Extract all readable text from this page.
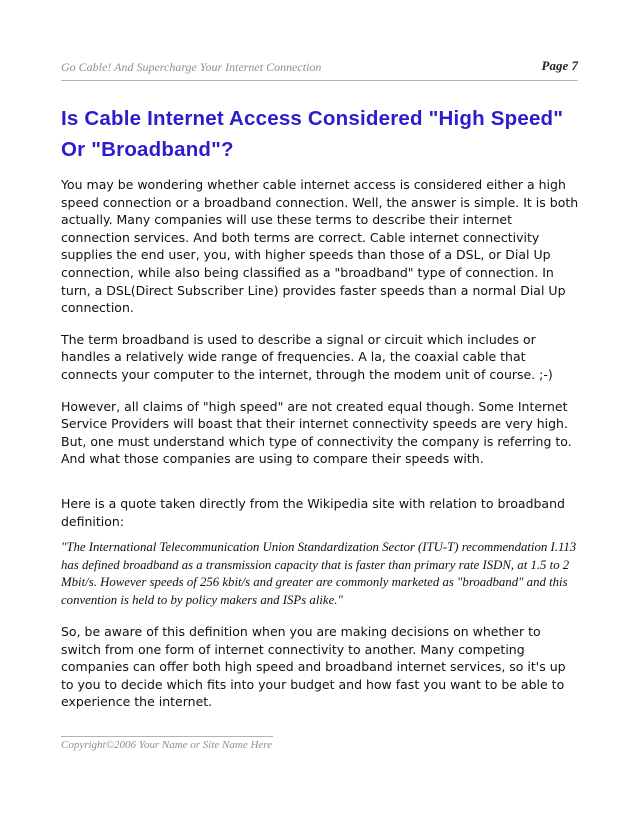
Go Cable! And Supercharge Your Internet Connection	Page 7
Is Cable Internet Access Considered "High Speed" Or "Broadband"?

You may be wondering whether cable internet access is considered either a high speed connection or a broadband connection. Well, the answer is simple. It is both actually. Many companies will use these terms to describe their internet connection services. And both terms are correct. Cable internet connectivity supplies the end user, you, with higher speeds than those of a DSL, or Dial Up connection, while also being classified as a "broadband" type of connection. In turn, a DSL(Direct Subscriber Line) provides faster speeds than a normal Dial Up connection.

The term broadband is used to describe a signal or circuit which includes or handles a relatively wide range of frequencies. A la, the coaxial cable that connects your computer to the internet, through the modem unit of course. ;-)

However, all claims of "high speed" are not created equal though. Some Internet Service Providers will boast that their internet connectivity speeds are very high. But, one must understand which type of connectivity the company is referring to. And what those companies are using to compare their speeds with.

Here is a quote taken directly from the Wikipedia site with relation to broadband definition:

"The International Telecommunication Union Standardization Sector (ITU-T) recommendation I.113 has defined broadband as a transmission capacity that is faster than primary rate ISDN, at 1.5 to 2 Mbit/s. However speeds of 256 kbit/s and greater are commonly marketed as "broadband" and this convention is held to by policy makers and ISPs alike."

So, be aware of this definition when you are making decisions on whether to switch from one form of internet connectivity to another. Many competing companies can offer both high speed and broadband internet services, so it's up to you to decide which fits into your budget and how fast you want to be able to experience the internet.

Copyright©2006 Your Name or Site Name Here
